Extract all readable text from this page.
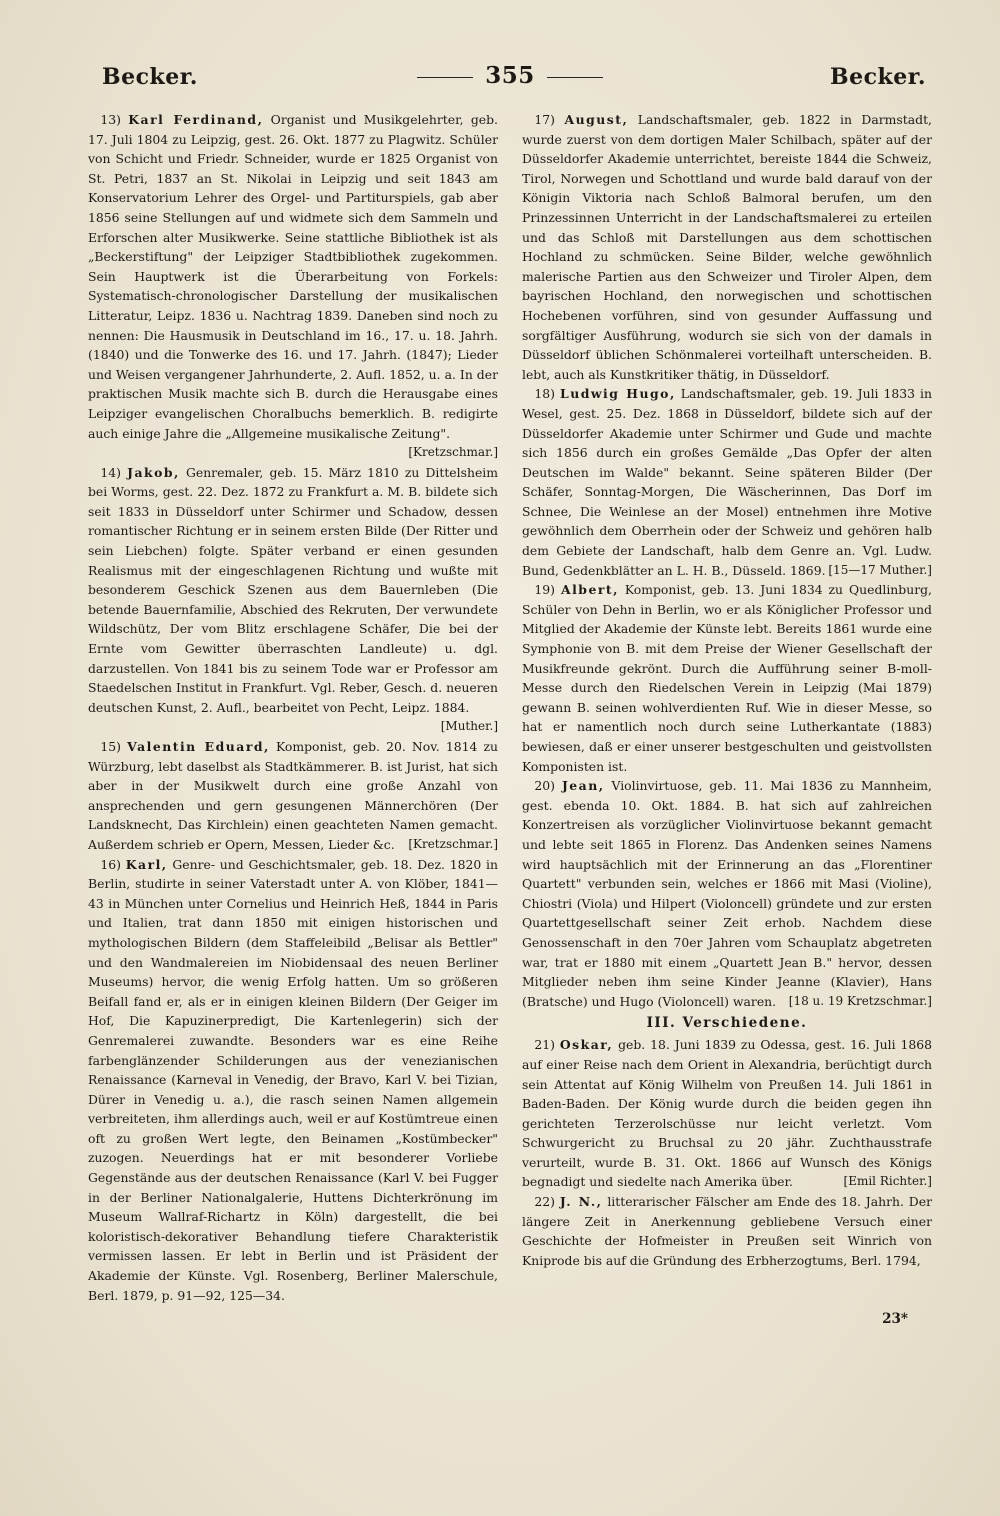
Becker.	355	Becker.

 13) Karl Ferdinand, Organist und Musikgelehrter, geb. 17. Juli 1804 zu Leipzig, gest. 26. Okt. 1877 zu Plagwitz. Schüler von Schicht und Friedr. Schneider, wurde er 1825 Organist von St. Petri, 1837 an St. Nikolai in Leipzig und seit 1843 am Konservatorium Lehrer des Orgel- und Partiturspiels, gab aber 1856 seine Stellungen auf und widmete sich dem Sammeln und Erforschen alter Musikwerke. Seine stattliche Bibliothek ist als „Beckerstiftung" der Leipziger Stadtbibliothek zugekommen. Sein Hauptwerk ist die Überarbeitung von Forkels: Systematisch-chronologischer Darstellung der musikalischen Litteratur, Leipz. 1836 u. Nachtrag 1839. Daneben sind noch zu nennen: Die Hausmusik in Deutschland im 16., 17. u. 18. Jahrh. (1840) und die Tonwerke des 16. und 17. Jahrh. (1847); Lieder und Weisen vergangener Jahrhunderte, 2. Aufl. 1852, u. a. In der praktischen Musik machte sich B. durch die Herausgabe eines Leipziger evangelischen Choralbuchs bemerklich. B. redigirte auch einige Jahre die „Allgemeine musikalische Zeitung".
[Kretzschmar.]

 14) Jakob, Genremaler, geb. 15. März 1810 zu Dittelsheim bei Worms, gest. 22. Dez. 1872 zu Frankfurt a. M. B. bildete sich seit 1833 in Düsseldorf unter Schirmer und Schadow, dessen romantischer Richtung er in seinem ersten Bilde (Der Ritter und sein Liebchen) folgte. Später verband er einen gesunden Realismus mit der eingeschlagenen Richtung und wußte mit besonderem Geschick Szenen aus dem Bauernleben (Die betende Bauernfamilie, Abschied des Rekruten, Der verwundete Wildschütz, Der vom Blitz erschlagene Schäfer, Die bei der Ernte vom Gewitter überraschten Landleute) u. dgl. darzustellen. Von 1841 bis zu seinem Tode war er Professor am Staedelschen Institut in Frankfurt. Vgl. Reber, Gesch. d. neueren deutschen Kunst, 2. Aufl., bearbeitet von Pecht, Leipz. 1884.
[Muther.]

 15) Valentin Eduard, Komponist, geb. 20. Nov. 1814 zu Würzburg, lebt daselbst als Stadtkämmerer. B. ist Jurist, hat sich aber in der Musikwelt durch eine große Anzahl von ansprechenden und gern gesungenen Männerchören (Der Landsknecht, Das Kirchlein) einen geachteten Namen gemacht. Außerdem schrieb er Opern, Messen, Lieder &c. [Kretzschmar.]

 16) Karl, Genre- und Geschichtsmaler, geb. 18. Dez. 1820 in Berlin, studirte in seiner Vaterstadt unter A. von Klöber, 1841—43 in München unter Cornelius und Heinrich Heß, 1844 in Paris und Italien, trat dann 1850 mit einigen historischen und mythologischen Bildern (dem Staffeleibild „Belisar als Bettler" und den Wandmalereien im Niobidensaal des neuen Berliner Museums) hervor, die wenig Erfolg hatten. Um so größeren Beifall fand er, als er in einigen kleinen Bildern (Der Geiger im Hof, Die Kapuzinerpredigt, Die Kartenlegerin) sich der Genremalerei zuwandte. Besonders war es eine Reihe farbenglänzender Schilderungen aus der venezianischen Renaissance (Karneval in Venedig, der Bravo, Karl V. bei Tizian, Dürer in Venedig u. a.), die rasch seinen Namen allgemein verbreiteten, ihm allerdings auch, weil er auf Kostümtreue einen oft zu großen Wert legte, den Beinamen „Kostümbecker" zuzogen. Neuerdings hat er mit besonderer Vorliebe Gegenstände aus der deutschen Renaissance (Karl V. bei Fugger in der Berliner Nationalgalerie, Huttens Dichterkrönung im Museum Wallraf-Richartz in Köln) dargestellt, die bei koloristisch-dekorativer Behandlung tiefere Charakteristik vermissen lassen. Er lebt in Berlin und ist Präsident der Akademie der Künste. Vgl. Rosenberg, Berliner Malerschule, Berl. 1879, p. 91—92, 125—34.

 17) August, Landschaftsmaler, geb. 1822 in Darmstadt, wurde zuerst von dem dortigen Maler Schilbach, später auf der Düsseldorfer Akademie unterrichtet, bereiste 1844 die Schweiz, Tirol, Norwegen und Schottland und wurde bald darauf von der Königin Viktoria nach Schloß Balmoral berufen, um den Prinzessinnen Unterricht in der Landschaftsmalerei zu erteilen und das Schloß mit Darstellungen aus dem schottischen Hochland zu schmücken. Seine Bilder, welche gewöhnlich malerische Partien aus den Schweizer und Tiroler Alpen, dem bayrischen Hochland, den norwegischen und schottischen Hochebenen vorführen, sind von gesunder Auffassung und sorgfältiger Ausführung, wodurch sie sich von der damals in Düsseldorf üblichen Schönmalerei vorteilhaft unterscheiden. B. lebt, auch als Kunstkritiker thätig, in Düsseldorf.

 18) Ludwig Hugo, Landschaftsmaler, geb. 19. Juli 1833 in Wesel, gest. 25. Dez. 1868 in Düsseldorf, bildete sich auf der Düsseldorfer Akademie unter Schirmer und Gude und machte sich 1856 durch ein großes Gemälde „Das Opfer der alten Deutschen im Walde" bekannt. Seine späteren Bilder (Der Schäfer, Sonntag-Morgen, Die Wäscherinnen, Das Dorf im Schnee, Die Weinlese an der Mosel) entnehmen ihre Motive gewöhnlich dem Oberrhein oder der Schweiz und gehören halb dem Gebiete der Landschaft, halb dem Genre an. Vgl. Ludw. Bund, Gedenkblätter an L. H. B., Düsseld. 1869. [15—17 Muther.]

 19) Albert, Komponist, geb. 13. Juni 1834 zu Quedlinburg, Schüler von Dehn in Berlin, wo er als Königlicher Professor und Mitglied der Akademie der Künste lebt. Bereits 1861 wurde eine Symphonie von B. mit dem Preise der Wiener Gesellschaft der Musikfreunde gekrönt. Durch die Aufführung seiner B-moll-Messe durch den Riedelschen Verein in Leipzig (Mai 1879) gewann B. seinen wohlverdienten Ruf. Wie in dieser Messe, so hat er namentlich noch durch seine Lutherkantate (1883) bewiesen, daß er einer unserer bestgeschulten und geistvollsten Komponisten ist.

 20) Jean, Violinvirtuose, geb. 11. Mai 1836 zu Mannheim, gest. ebenda 10. Okt. 1884. B. hat sich auf zahlreichen Konzertreisen als vorzüglicher Violinvirtuose bekannt gemacht und lebte seit 1865 in Florenz. Das Andenken seines Namens wird hauptsächlich mit der Erinnerung an das „Florentiner Quartett" verbunden sein, welches er 1866 mit Masi (Violine), Chiostri (Viola) und Hilpert (Violoncell) gründete und zur ersten Quartettgesellschaft seiner Zeit erhob. Nachdem diese Genossenschaft in den 70er Jahren vom Schauplatz abgetreten war, trat er 1880 mit einem „Quartett Jean B." hervor, dessen Mitglieder neben ihm seine Kinder Jeanne (Klavier), Hans (Bratsche) und Hugo (Violoncell) waren. [18 u. 19 Kretzschmar.]

III. Verschiedene.

 21) Oskar, geb. 18. Juni 1839 zu Odessa, gest. 16. Juli 1868 auf einer Reise nach dem Orient in Alexandria, berüchtigt durch sein Attentat auf König Wilhelm von Preußen 14. Juli 1861 in Baden-Baden. Der König wurde durch die beiden gegen ihn gerichteten Terzerolschüsse nur leicht verletzt. Vom Schwurgericht zu Bruchsal zu 20 jähr. Zuchthausstrafe verurteilt, wurde B. 31. Okt. 1866 auf Wunsch des Königs begnadigt und siedelte nach Amerika über.	[Emil Richter.]

 22) J. N., litterarischer Fälscher am Ende des 18. Jahrh. Der längere Zeit in Anerkennung gebliebene Versuch einer Geschichte der Hofmeister in Preußen seit Winrich von Kniprode bis auf die Gründung des Erbherzogtums, Berl. 1794,

23*
